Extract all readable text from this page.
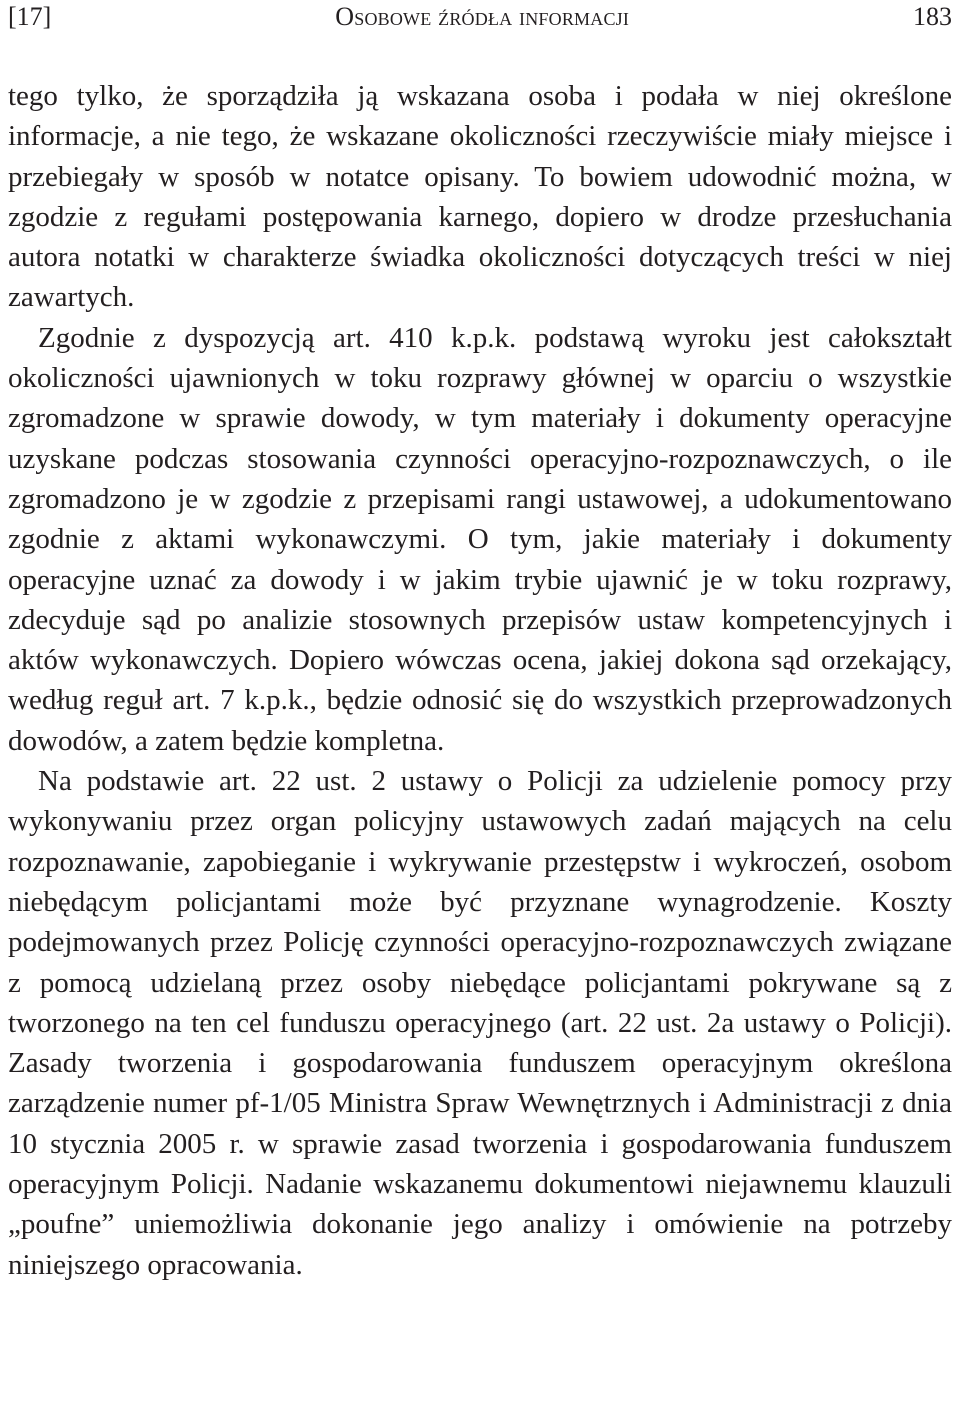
[17]	Osobowe źródła informacji	183

tego tylko, że sporządziła ją wskazana osoba i podała w niej określone informacje, a nie tego, że wskazane okoliczności rzeczywiście miały miejsce i przebiegały w sposób w notatce opisany. To bowiem udowodnić można, w zgodzie z regułami postępowania karnego, dopiero w drodze przesłuchania autora notatki w charakterze świadka okoliczności dotyczących treści w niej zawartych.

Zgodnie z dyspozycją art. 410 k.p.k. podstawą wyroku jest całokształt okoliczności ujawnionych w toku rozprawy głównej w oparciu o wszystkie zgromadzone w sprawie dowody, w tym materiały i dokumenty operacyjne uzyskane podczas stosowania czynności operacyjno-rozpoznawczych, o ile zgromadzono je w zgodzie z przepisami rangi ustawowej, a udokumentowano zgodnie z aktami wykonawczymi. O tym, jakie materiały i dokumenty operacyjne uznać za dowody i w jakim trybie ujawnić je w toku rozprawy, zdecyduje sąd po analizie stosownych przepisów ustaw kompetencyjnych i aktów wykonawczych. Dopiero wówczas ocena, jakiej dokona sąd orzekający, według reguł art. 7 k.p.k., będzie odnosić się do wszystkich przeprowadzonych dowodów, a zatem będzie kompletna.

Na podstawie art. 22 ust. 2 ustawy o Policji za udzielenie pomocy przy wykonywaniu przez organ policyjny ustawowych zadań mających na celu rozpoznawanie, zapobieganie i wykrywanie przestępstw i wykroczeń, osobom niebędącym policjantami może być przyznane wynagrodzenie. Koszty podejmowanych przez Policję czynności operacyjno-rozpoznawczych związane z pomocą udzielaną przez osoby niebędące policjantami pokrywane są z tworzonego na ten cel funduszu operacyjnego (art. 22 ust. 2a ustawy o Policji). Zasady tworzenia i gospodarowania funduszem operacyjnym określona zarządzenie numer pf-1/05 Ministra Spraw Wewnętrznych i Administracji z dnia 10 stycznia 2005 r. w sprawie zasad tworzenia i gospodarowania funduszem operacyjnym Policji. Nadanie wskazanemu dokumentowi niejawnemu klauzuli „poufne” uniemożliwia dokonanie jego analizy i omówienie na potrzeby niniejszego opracowania.
